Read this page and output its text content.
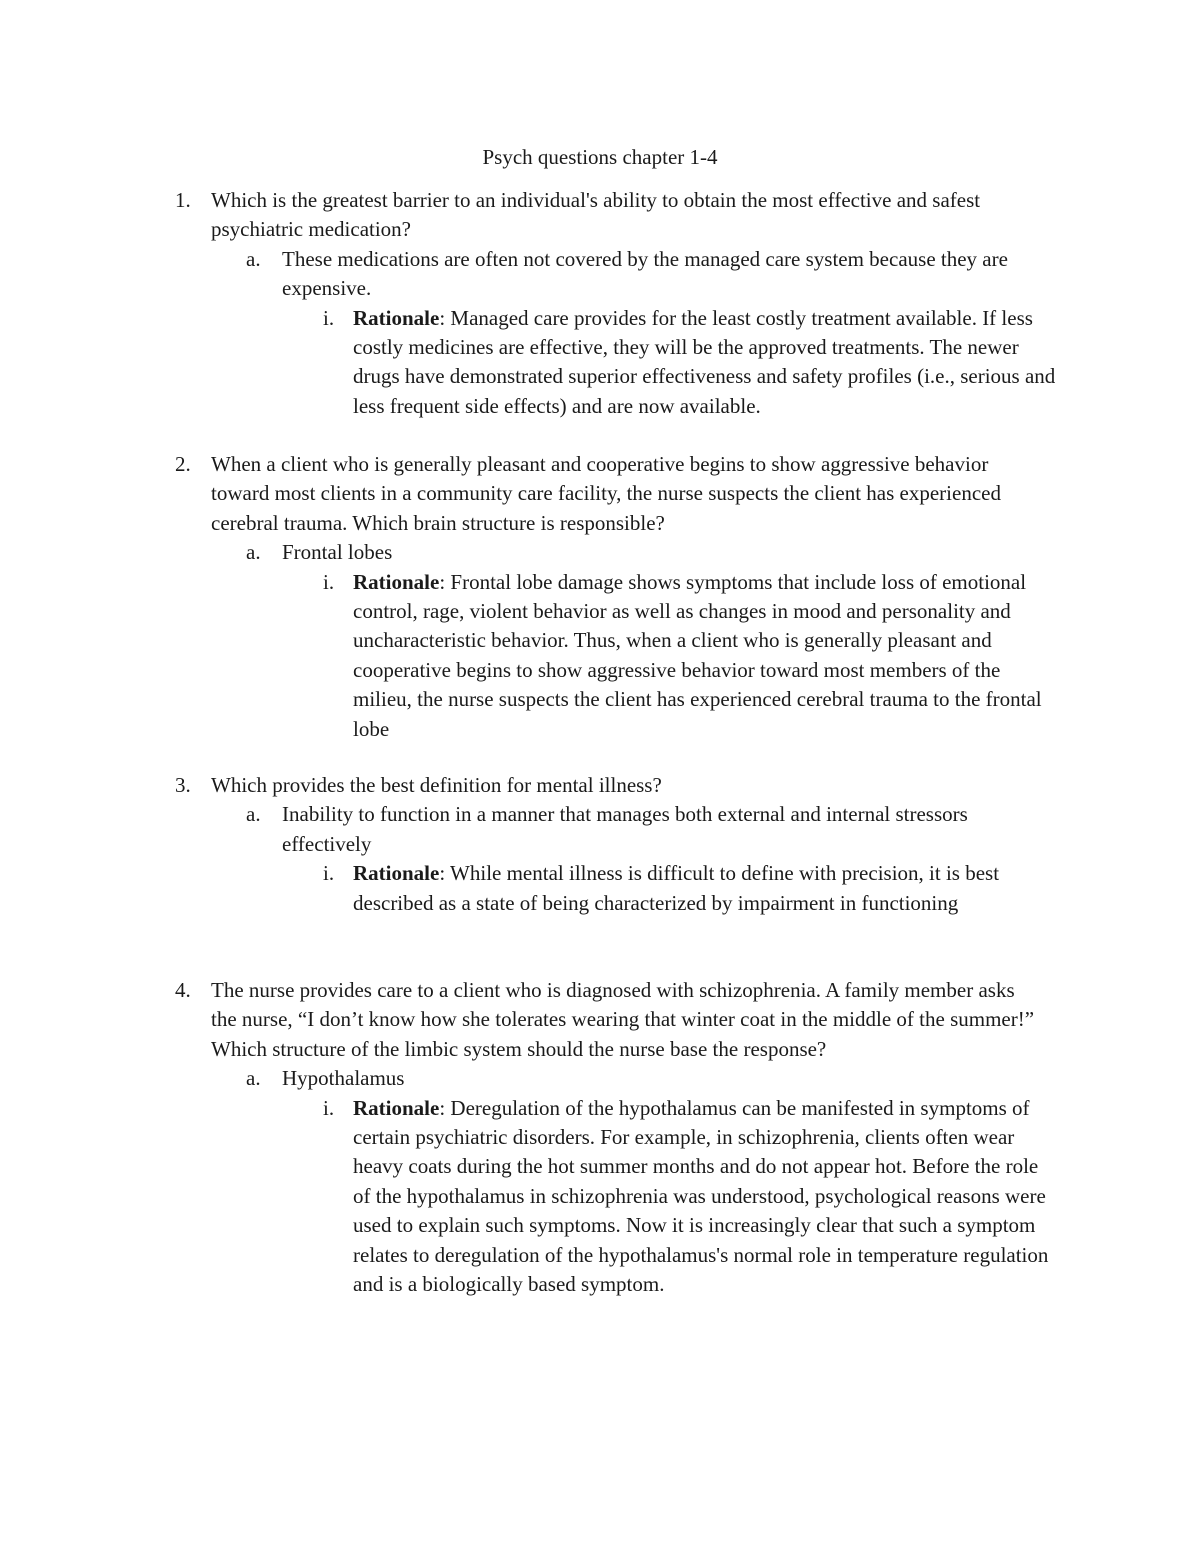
Psych questions chapter 1-4
1. Which is the greatest barrier to an individual's ability to obtain the most effective and safest psychiatric medication?
a. These medications are often not covered by the managed care system because they are expensive.
i. Rationale: Managed care provides for the least costly treatment available. If less costly medicines are effective, they will be the approved treatments. The newer drugs have demonstrated superior effectiveness and safety profiles (i.e., serious and less frequent side effects) and are now available.
2. When a client who is generally pleasant and cooperative begins to show aggressive behavior toward most clients in a community care facility, the nurse suspects the client has experienced cerebral trauma. Which brain structure is responsible?
a. Frontal lobes
i. Rationale: Frontal lobe damage shows symptoms that include loss of emotional control, rage, violent behavior as well as changes in mood and personality and uncharacteristic behavior. Thus, when a client who is generally pleasant and cooperative begins to show aggressive behavior toward most members of the milieu, the nurse suspects the client has experienced cerebral trauma to the frontal lobe
3. Which provides the best definition for mental illness?
a. Inability to function in a manner that manages both external and internal stressors effectively
i. Rationale: While mental illness is difficult to define with precision, it is best described as a state of being characterized by impairment in functioning
4. The nurse provides care to a client who is diagnosed with schizophrenia. A family member asks the nurse, “I don’t know how she tolerates wearing that winter coat in the middle of the summer!” Which structure of the limbic system should the nurse base the response?
a. Hypothalamus
i. Rationale: Deregulation of the hypothalamus can be manifested in symptoms of certain psychiatric disorders. For example, in schizophrenia, clients often wear heavy coats during the hot summer months and do not appear hot. Before the role of the hypothalamus in schizophrenia was understood, psychological reasons were used to explain such symptoms. Now it is increasingly clear that such a symptom relates to deregulation of the hypothalamus's normal role in temperature regulation and is a biologically based symptom.
